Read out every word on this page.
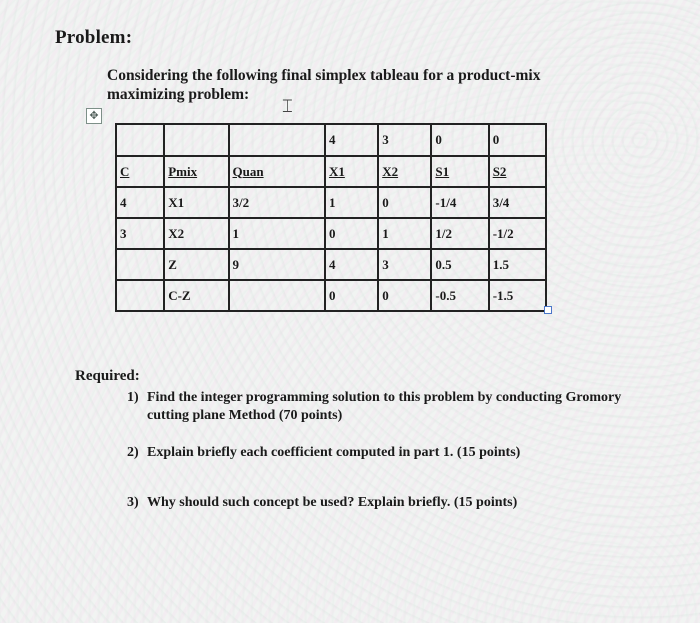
Problem:
Considering the following final simplex tableau for a product-mix maximizing problem:
⌶
✥
			4	3	0	0
C	Pmix	Quan	X1	X2	S1	S2
4	X1	3/2	1	0	-1/4	3/4
3	X2	1	0	1	1/2	-1/2
	Z	9	4	3	0.5	1.5
	C-Z		0	0	-0.5	-1.5
Required:
1) Find the integer programming solution to this problem by conducting Gromory cutting plane Method (70 points)
2) Explain briefly each coefficient computed in part 1. (15 points)
3) Why should such concept be used? Explain briefly. (15 points)
